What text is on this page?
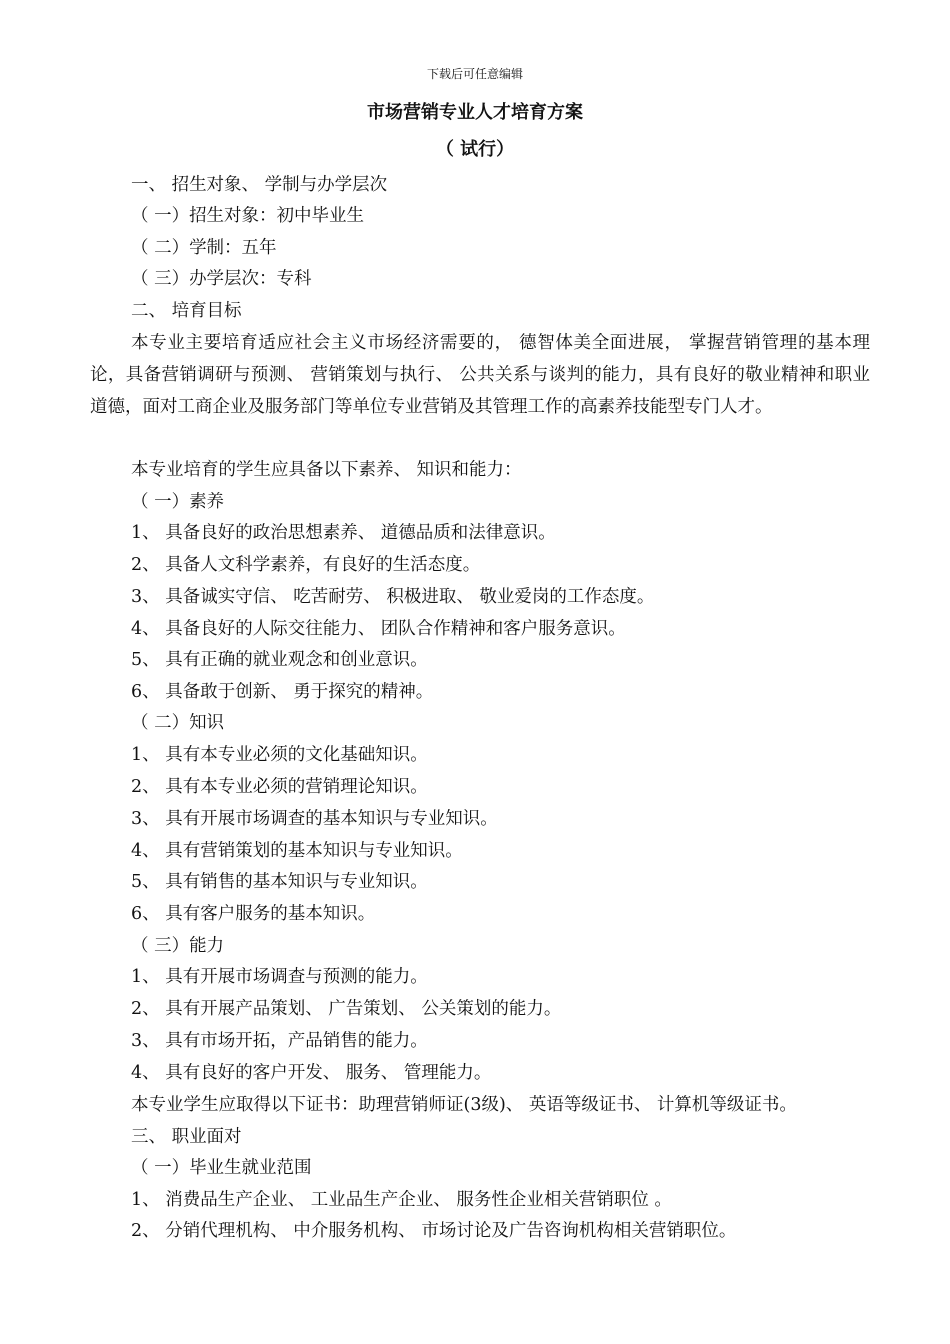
下载后可任意编辑
市场营销专业人才培育方案
（ 试行）
一、 招生对象、 学制与办学层次
（ 一）招生对象：初中毕业生
（ 二）学制：五年
（ 三）办学层次：专科
二、 培育目标
本专业主要培育适应社会主义市场经济需要的， 德智体美全面进展， 掌握营销管理的基本理论，具备营销调研与预测、 营销策划与执行、 公共关系与谈判的能力，具有良好的敬业精神和职业道德，面对工商企业及服务部门等单位专业营销及其管理工作的高素养技能型专门人才。
本专业培育的学生应具备以下素养、 知识和能力：
（ 一）素养
1、 具备良好的政治思想素养、 道德品质和法律意识。
2、 具备人文科学素养，有良好的生活态度。
3、 具备诚实守信、 吃苦耐劳、 积极进取、 敬业爱岗的工作态度。
4、 具备良好的人际交往能力、 团队合作精神和客户服务意识。
5、 具有正确的就业观念和创业意识。
6、 具备敢于创新、 勇于探究的精神。
（ 二）知识
1、 具有本专业必须的文化基础知识。
2、 具有本专业必须的营销理论知识。
3、 具有开展市场调查的基本知识与专业知识。
4、 具有营销策划的基本知识与专业知识。
5、 具有销售的基本知识与专业知识。
6、 具有客户服务的基本知识。
（ 三）能力
1、 具有开展市场调查与预测的能力。
2、 具有开展产品策划、 广告策划、 公关策划的能力。
3、 具有市场开拓，产品销售的能力。
4、 具有良好的客户开发、 服务、 管理能力。
本专业学生应取得以下证书：助理营销师证(3级)、 英语等级证书、 计算机等级证书。
三、 职业面对
（ 一）毕业生就业范围
1、 消费品生产企业、 工业品生产企业、 服务性企业相关营销职位 。
2、 分销代理机构、 中介服务机构、 市场讨论及广告咨询机构相关营销职位。
